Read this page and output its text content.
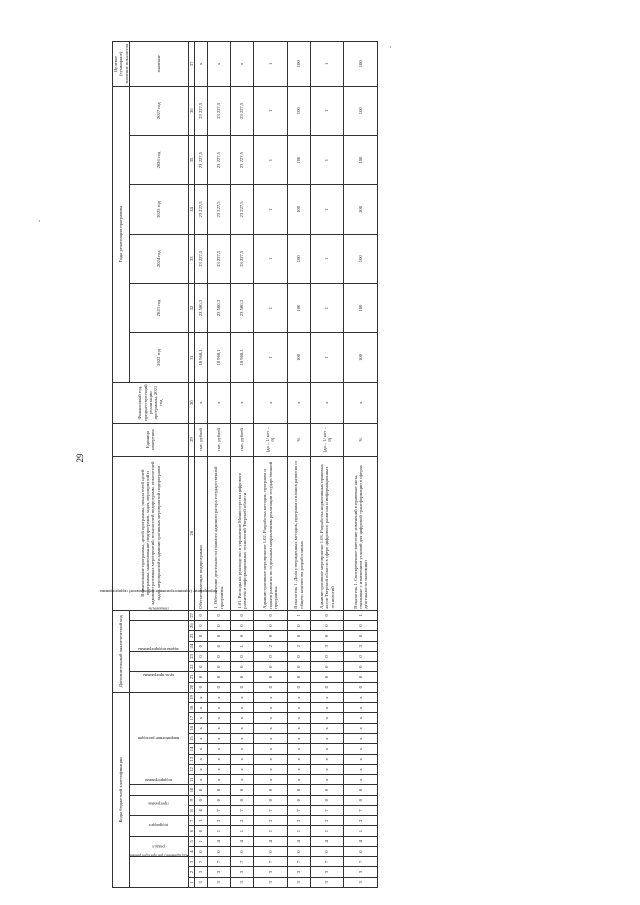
29
·
·
Коды бюджетной классификации																			Дополнительный аналитический код								Наименование программы, целей программы, показателей целей программы, наименование подпрограмм, задач, мероприятий и административных мероприятий, показателей подпрограмм, показателей задач, мероприятий и административных мероприятий подпрограмм	Единица измерения	Финансовый год, предшествую-щий реализации программы, 2021 год	Годы реализации программы						Целевое (суммарное) значение показателя
код администратора программы			раздел		подраздел		программа		подпрограмма	направление расходов									цель программы		задача подпрограммы		мероприятие (административное мероприятие) подпрограммы			показатель				2022 год	2023 год	2024 год	2025 год	2026 год	2027 год	значение
1	2	3	4	5	6	7	8	9	10	11	12	13	14	15	16	17	18	19	20	21	22	23	24	25	26	27	28	29	30	31	32	33	34	35	36	37
3	3	7	0	1	0	1	4	0	0	х	х	х	х	х	х	х	х	х	0	0	0	0	0	0	0	0	Обеспечивающая подпрограмма	тыс. рублей	х	18 968,1	23 580,3	23 227,5	23 227,5	23 227,5	23 227,5	х
3	3	7	0	4	1	2	7	0	0	х	х	х	х	х	х	х	х	х	0	0	0	0	0	0	0	0	1. Обеспечение деятельности главного администратора государственной программы	тыс. рублей	х	18 968,1	23 580,3	23 227,5	23 227,5	23 227,5	23 227,5	х
3	3	7	0	4	1	2	7	0	0	х	х	х	х	х	х	х	х	х	0	0	0	0	1	0	0	0	1.01. Расходы на руководство и управление Министерства цифрового развития и информационных технологий Тверской области	тыс. рублей	х	18 968,1	23 580,3	23 227,5	23 227,5	23 227,5	23 227,5	х
3	3	7	0	4	1	2	7	0	0	х	х	х	х	х	х	х	х	х	0	0	0	0	2	0	0	0	Административное мероприятие 1.02. Разработка методик, программ и планов развития по отдельным направлениям реализации государственной программы	(да – 1/ нет – 0)	х	1	1	1	1	1	1	1
3	3	7	0	4	1	2	7	0	0	х	х	х	х	х	х	х	х	х	0	0	0	0	2	0	0	1	Показатель 1. Доля утвержденных методик, программ и планов развития от общего количества разработанных	%	х	100	100	100	100	100	100	100
3	3	7	0	4	1	2	7	0	0	х	х	х	х	х	х	х	х	х	0	0	0	0	3	0	0	0	Административное мероприятие 1.03. Разработка нормативных правовых актов Тверской области в сфере цифрового развития и информационных технологий	(да – 1/ нет – 0)	х	1	1	1	1	1	1	1
3	3	7	0	4	1	2	7	0	0	х	х	х	х	х	х	х	х	х	0	0	0	0	3	0	0	1	Показатель 1. Своевременное внесение изменений в правовые акты, связанные с изменением условий для цифровой трансформации в сферах деятельности экономики	%	х	100	100	100	100	100	100	100
